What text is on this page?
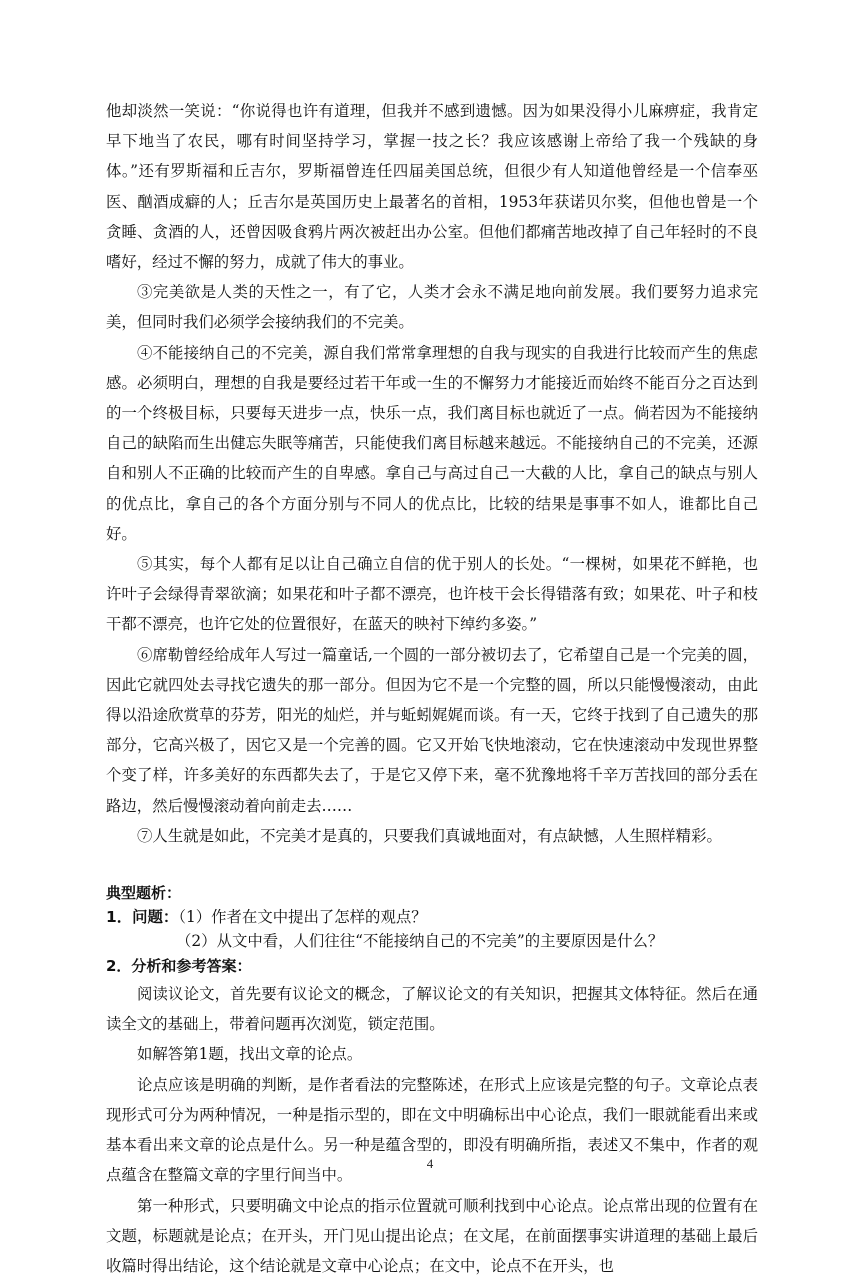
他却淡然一笑说：“你说得也许有道理，但我并不感到遗憾。因为如果没得小儿麻痹症，我肯定早下地当了农民，哪有时间坚持学习，掌握一技之长？我应该感谢上帝给了我一个残缺的身体。”还有罗斯福和丘吉尔，罗斯福曾连任四届美国总统，但很少有人知道他曾经是一个信奉巫医、酗酒成癖的人；丘吉尔是英国历史上最著名的首相，1953年获诺贝尔奖，但他也曾是一个贪睡、贪酒的人，还曾因吸食鸦片两次被赶出办公室。但他们都痛苦地改掉了自己年轻时的不良嗜好，经过不懈的努力，成就了伟大的事业。

③完美欲是人类的天性之一，有了它，人类才会永不满足地向前发展。我们要努力追求完美，但同时我们必须学会接纳我们的不完美。

④不能接纳自己的不完美，源自我们常常拿理想的自我与现实的自我进行比较而产生的焦虑感。必须明白，理想的自我是要经过若干年或一生的不懈努力才能接近而始终不能百分之百达到的一个终极目标，只要每天进步一点，快乐一点，我们离目标也就近了一点。倘若因为不能接纳自己的缺陷而生出健忘失眠等痛苦，只能使我们离目标越来越远。不能接纳自己的不完美，还源自和别人不正确的比较而产生的自卑感。拿自己与高过自己一大截的人比，拿自己的缺点与别人的优点比，拿自己的各个方面分别与不同人的优点比，比较的结果是事事不如人，谁都比自己好。

⑤其实，每个人都有足以让自己确立自信的优于别人的长处。“一棵树，如果花不鲜艳，也许叶子会绿得青翠欲滴；如果花和叶子都不漂亮，也许枝干会长得错落有致；如果花、叶子和枝干都不漂亮，也许它处的位置很好，在蓝天的映衬下绰约多姿。”

⑥席勒曾经给成年人写过一篇童话,一个圆的一部分被切去了，它希望自己是一个完美的圆，因此它就四处去寻找它遗失的那一部分。但因为它不是一个完整的圆，所以只能慢慢滚动，由此得以沿途欣赏草的芬芳，阳光的灿烂，并与蚯蚓娓娓而谈。有一天，它终于找到了自己遗失的那部分，它高兴极了，因它又是一个完善的圆。它又开始飞快地滚动，它在快速滚动中发现世界整个变了样，许多美好的东西都失去了，于是它又停下来，毫不犹豫地将千辛万苦找回的部分丢在路边，然后慢慢滚动着向前走去……

⑦人生就是如此，不完美才是真的，只要我们真诚地面对，有点缺憾，人生照样精彩。

典型题析：
1．问题：（1）作者在文中提出了怎样的观点？
（2）从文中看，人们往往“不能接纳自己的不完美”的主要原因是什么？
2．分析和参考答案：

阅读议论文，首先要有议论文的概念，了解议论文的有关知识，把握其文体特征。然后在通读全文的基础上，带着问题再次浏览，锁定范围。

如解答第1题，找出文章的论点。

论点应该是明确的判断，是作者看法的完整陈述，在形式上应该是完整的句子。文章论点表现形式可分为两种情况，一种是指示型的，即在文中明确标出中心论点，我们一眼就能看出来或基本看出来文章的论点是什么。另一种是蕴含型的，即没有明确所指，表述又不集中，作者的观点蕴含在整篇文章的字里行间当中。

第一种形式，只要明确文中论点的指示位置就可顺利找到中心论点。论点常出现的位置有在文题，标题就是论点；在开头，开门见山提出论点；在文尾，在前面摆事实讲道理的基础上最后收篇时得出结论，这个结论就是文章中心论点；在文中，论点不在开头，也

4
